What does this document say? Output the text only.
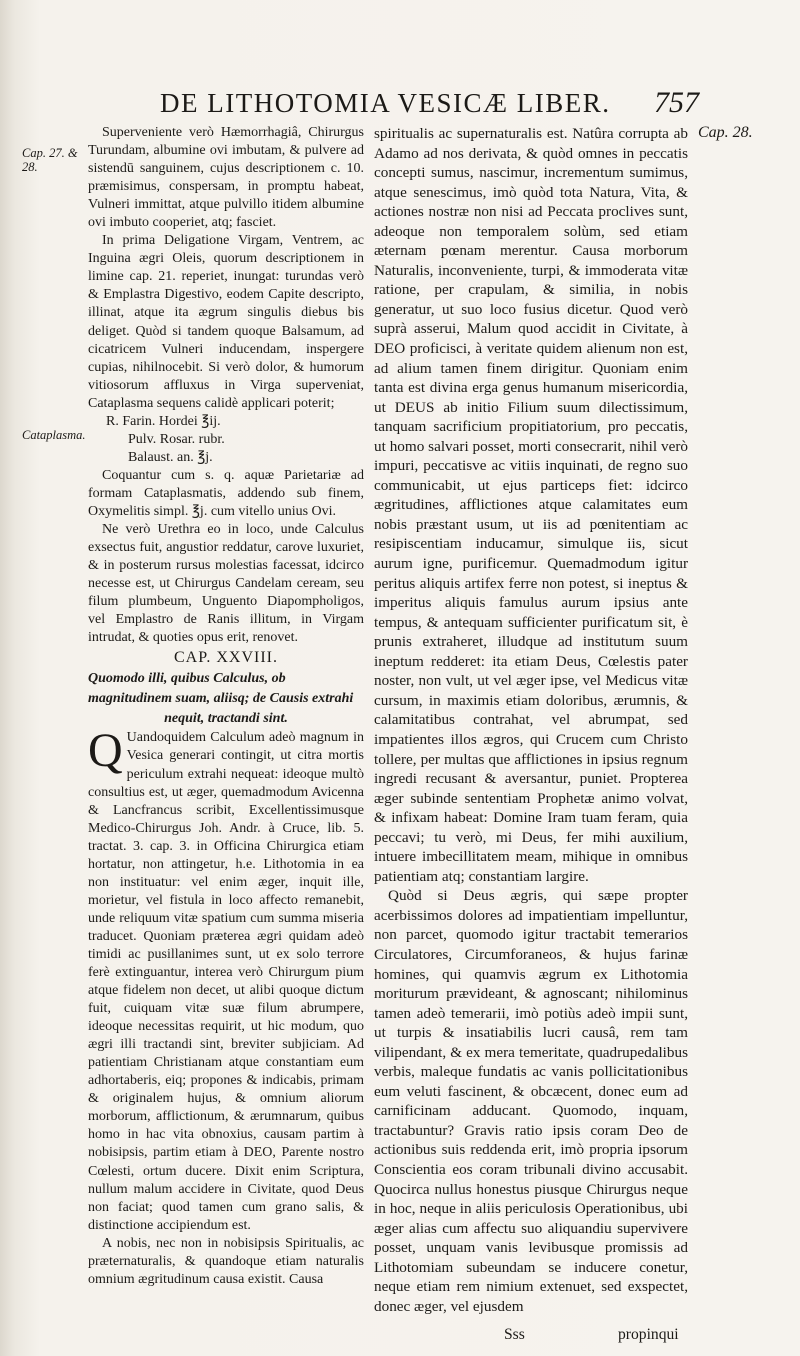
DE LITHOTOMIA VESICÆ LIBER.	757
Cap. 27. & 28.
Cataplasma.
Cap. 28.

Superveniente verò Hæmorrhagiâ, Chirurgus Turundam, albumine ovi imbutam, & pulvere ad sistendū sanguinem, cujus descriptionem c. 10. præmisimus, conspersam, in promptu habeat, Vulneri immittat, atque pulvillo itidem albumine ovi imbuto cooperiet, atq; fasciet.

In prima Deligatione Virgam, Ventrem, ac Inguina ægri Oleis, quorum descriptionem in limine cap. 21. reperiet, inungat: turundas verò & Emplastra Digestivo, eodem Capite descripto, illinat, atque ita ægrum singulis diebus bis deliget. Quòd si tandem quoque Balsamum, ad cicatricem Vulneri inducendam, inspergere cupias, nihilnocebit. Si verò dolor, & humorum vitiosorum affluxus in Virga superveniat, Cataplasma sequens calidè applicari poterit;

R. Farin. Hordei ℥ij.

Pulv. Rosar. rubr.

Balaust. an. ℥j.

Coquantur cum s. q. aquæ Parietariæ ad formam Cataplasmatis, addendo sub finem, Oxymelitis simpl. ℥j. cum vitello unius Ovi.

Ne verò Urethra eo in loco, unde Calculus exsectus fuit, angustior reddatur, carove luxuriet, & in posterum rursus molestias facessat, idcirco necesse est, ut Chirurgus Candelam ceream, seu filum plumbeum, Unguento Diapompholigos, vel Emplastro de Ranis illitum, in Virgam intrudat, & quoties opus erit, renovet.

CAP. XXVIII.

Quomodo illi, quibus Calculus, ob magnitudinem suam, aliisq; de Causis extrahi
nequit, tractandi sint.

Q Uandoquidem Calculum adeò magnum in Vesica generari contingit, ut citra mortis periculum extrahi nequeat: ideoque multò consultius est, ut æger, quemadmodum Avicenna & Lancfrancus scribit, Excellentissimusque Medico-Chirurgus Joh. Andr. à Cruce, lib. 5. tractat. 3. cap. 3. in Officina Chirurgica etiam hortatur, non attingetur, h.e. Lithotomia in ea non instituatur: vel enim æger, inquit ille, morietur, vel fistula in loco affecto remanebit, unde reliquum vitæ spatium cum summa miseria traducet. Quoniam præterea ægri quidam adeò timidi ac pusillanimes sunt, ut ex solo terrore ferè extinguantur, interea verò Chirurgum pium atque fidelem non decet, ut alibi quoque dictum fuit, cuiquam vitæ suæ filum abrumpere, ideoque necessitas requirit, ut hic modum, quo ægri illi tractandi sint, breviter subjiciam. Ad patientiam Christianam atque constantiam eum adhortaberis, eiq; propones & indicabis, primam & originalem hujus, & omnium aliorum morborum, afflictionum, & ærumnarum, quibus homo in hac vita obnoxius, causam partim à nobisipsis, partim etiam à DEO, Parente nostro Cœlesti, ortum ducere. Dixit enim Scriptura, nullum malum accidere in Civitate, quod Deus non faciat; quod tamen cum grano salis, & distinctione accipiendum est.

A nobis, nec non in nobisipsis Spiritualis, ac præternaturalis, & quandoque etiam naturalis omnium ægritudinum causa existit. Causa

spiritualis ac supernaturalis est. Natûra corrupta ab Adamo ad nos derivata, & quòd omnes in peccatis concepti sumus, nascimur, incrementum sumimus, atque senescimus, imò quòd tota Natura, Vita, & actiones nostræ non nisi ad Peccata proclives sunt, adeoque non temporalem solùm, sed etiam æternam pœnam merentur. Causa morborum Naturalis, inconveniente, turpi, & immoderata vitæ ratione, per crapulam, & similia, in nobis generatur, ut suo loco fusius dicetur. Quod verò suprà asserui, Malum quod accidit in Civitate, à DEO proficisci, à veritate quidem alienum non est, ad alium tamen finem dirigitur. Quoniam enim tanta est divina erga genus humanum misericordia, ut DEUS ab initio Filium suum dilectissimum, tanquam sacrificium propitiatorium, pro peccatis, ut homo salvari posset, morti consecrarit, nihil verò impuri, peccatisve ac vitiis inquinati, de regno suo communicabit, ut ejus particeps fiet: idcirco ægritudines, afflictiones atque calamitates eum nobis præstant usum, ut iis ad pœnitentiam ac resipiscentiam inducamur, simulque iis, sicut aurum igne, purificemur. Quemadmodum igitur peritus aliquis artifex ferre non potest, si ineptus & imperitus aliquis famulus aurum ipsius ante tempus, & antequam sufficienter purificatum sit, è prunis extraheret, illudque ad institutum suum ineptum redderet: ita etiam Deus, Cœlestis pater noster, non vult, ut vel æger ipse, vel Medicus vitæ cursum, in maximis etiam doloribus, ærumnis, & calamitatibus contrahat, vel abrumpat, sed impatientes illos ægros, qui Crucem cum Christo tollere, per multas que afflictiones in ipsius regnum ingredi recusant & aversantur, puniet. Propterea æger subinde sententiam Prophetæ animo volvat, & infixam habeat: Domine Iram tuam feram, quia peccavi; tu verò, mi Deus, fer mihi auxilium, intuere imbecillitatem meam, mihique in omnibus patientiam atq; constantiam largire.

Quòd si Deus ægris, qui sæpe propter acerbissimos dolores ad impatientiam impelluntur, non parcet, quomodo igitur tractabit temerarios Circulatores, Circumforaneos, & hujus farinæ homines, qui quamvis ægrum ex Lithotomia moriturum prævideant, & agnoscant; nihilominus tamen adeò temerarii, imò potiùs adeò impii sunt, ut turpis & insatiabilis lucri causâ, rem tam vilipendant, & ex mera temeritate, quadrupedalibus verbis, maleque fundatis ac vanis pollicitationibus eum veluti fascinent, & obcæcent, donec eum ad carnificinam adducant. Quomodo, inquam, tractabuntur? Gravis ratio ipsis coram Deo de actionibus suis reddenda erit, imò propria ipsorum Conscientia eos coram tribunali divino accusabit. Quocirca nullus honestus piusque Chirurgus neque in hoc, neque in aliis periculosis Operationibus, ubi æger alias cum affectu suo aliquandiu supervivere posset, unquam vanis levibusque promissis ad Lithotomiam subeundam se inducere conetur, neque etiam rem nimium extenuet, sed exspectet, donec æger, vel ejusdem

Sss	propinqui
